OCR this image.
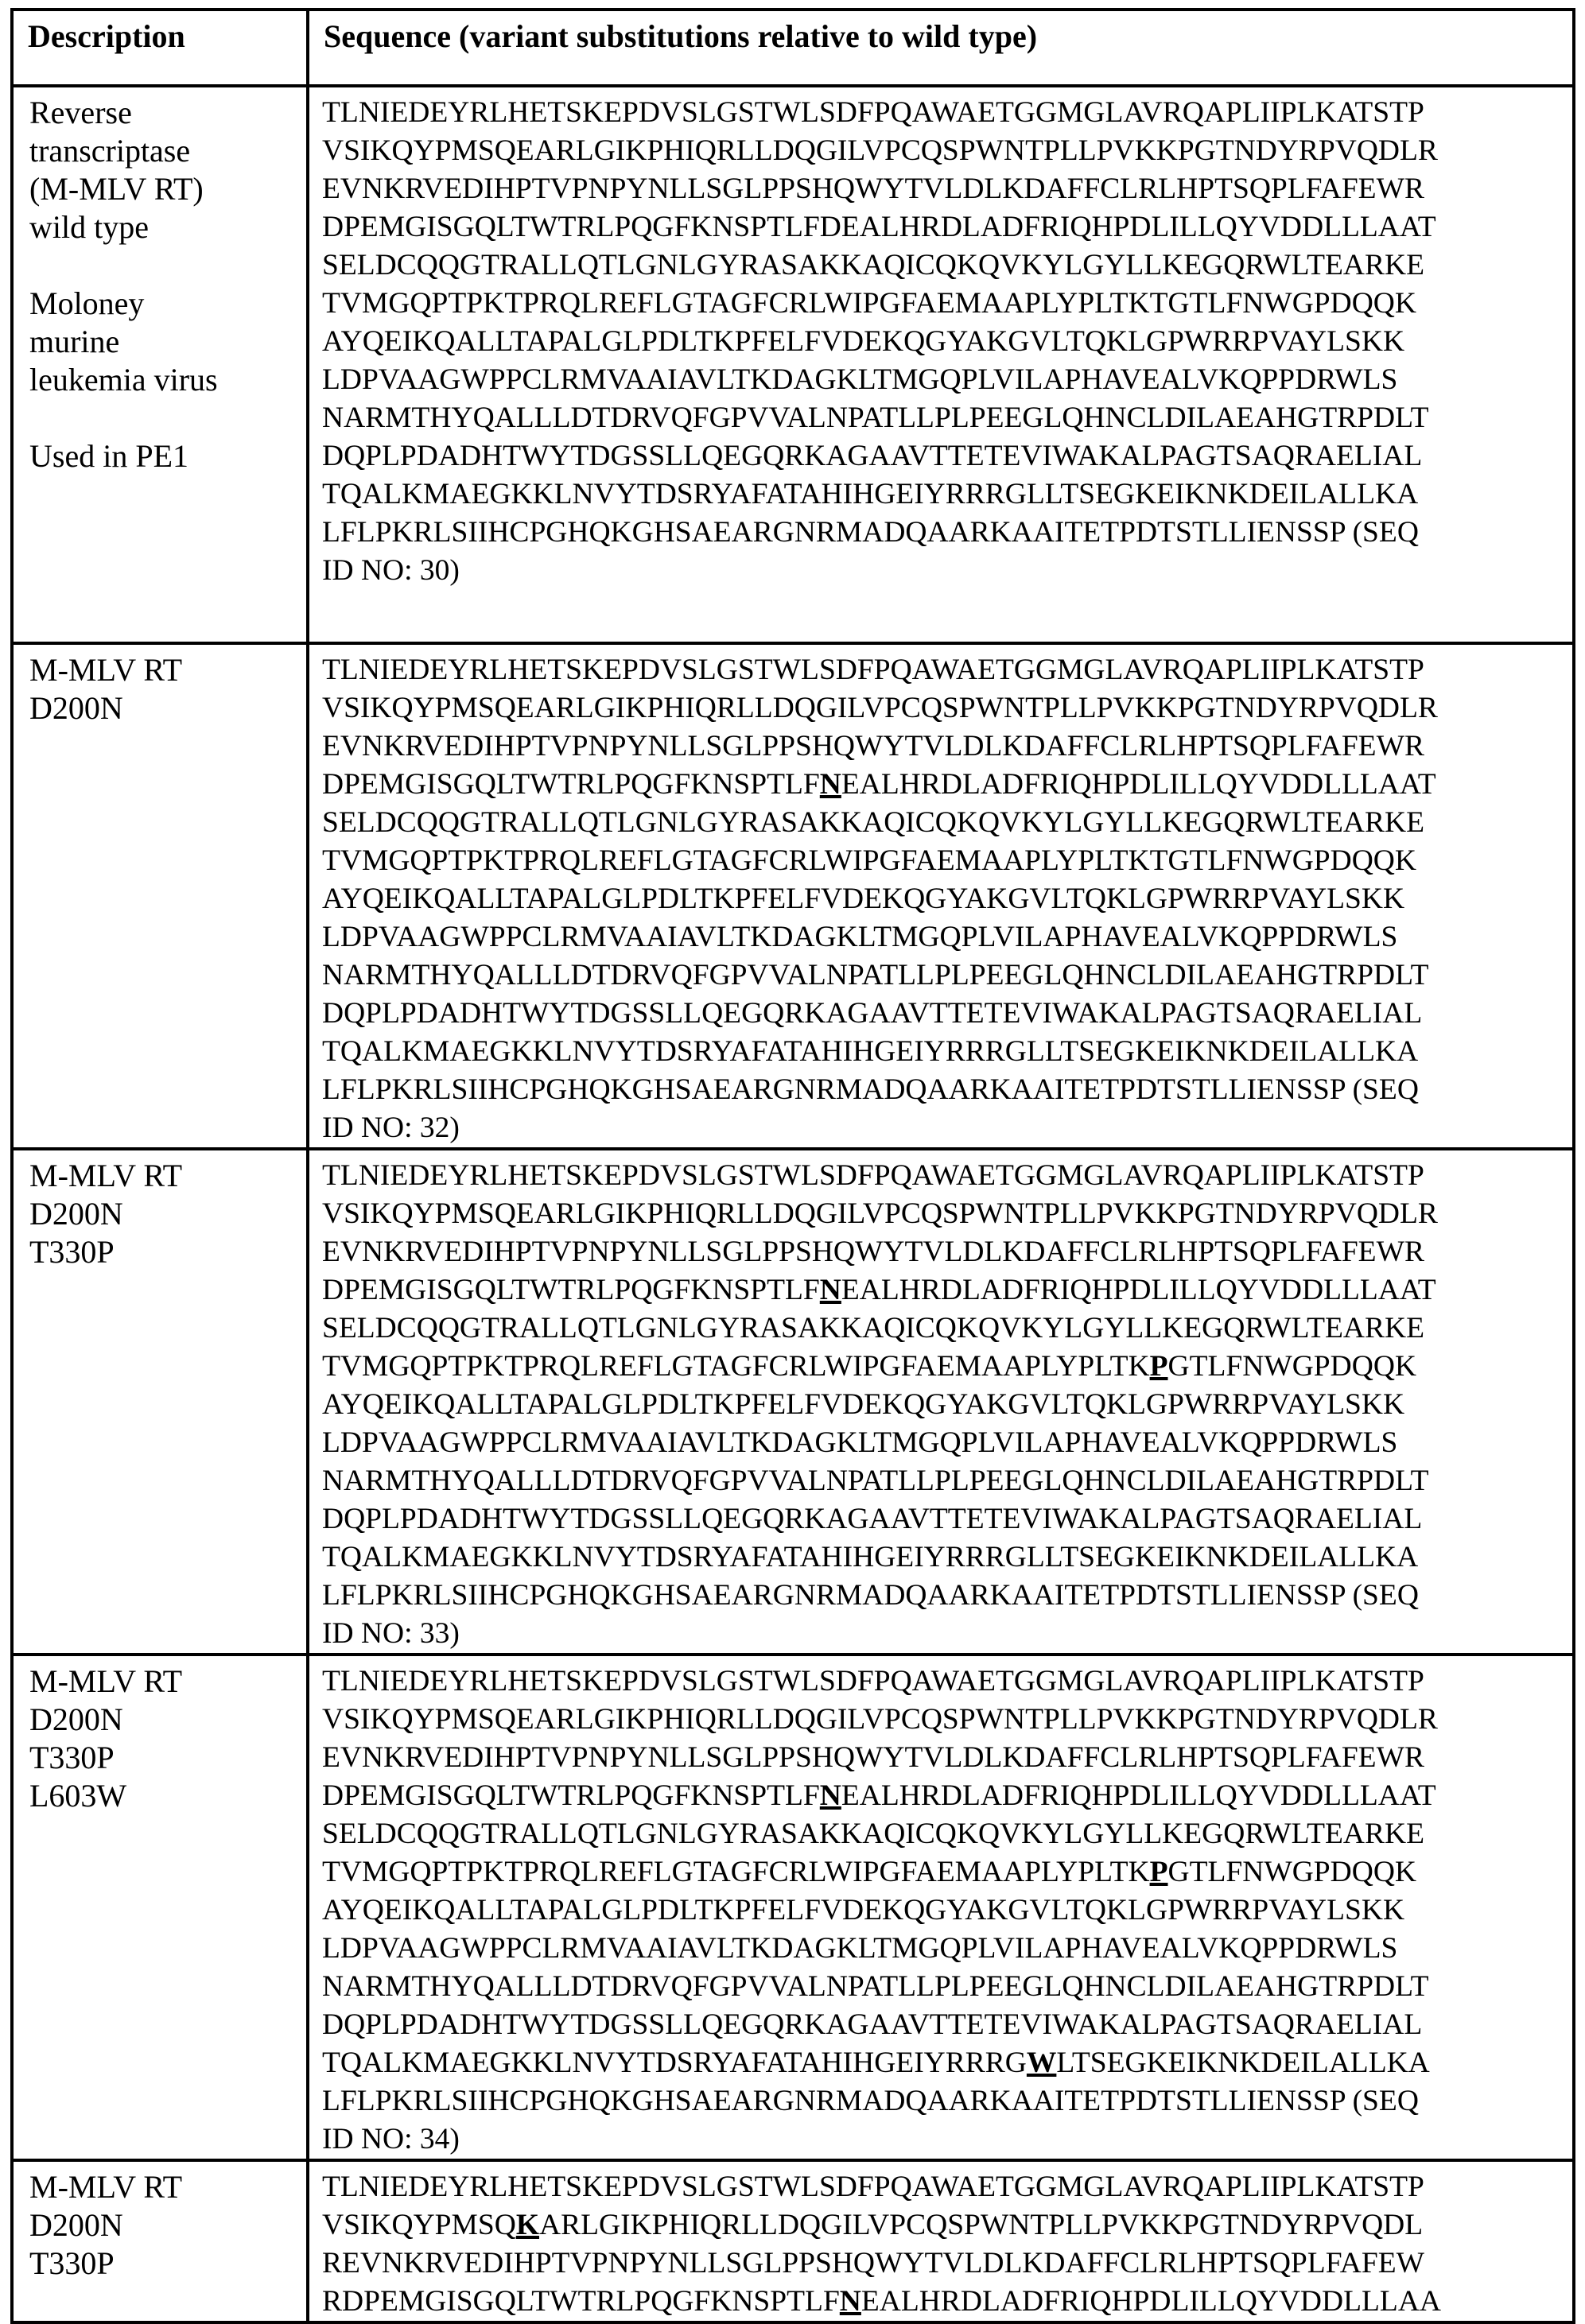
Description	Sequence (variant substitutions relative to wild type)

Reverse
transcriptase
(M-MLV RT)
wild type
Moloney
murine
leukemia virus
Used in PE1

TLNIEDEYRLHETSKEPDVSLGSTWLSDFPQAWAETGGMGLAVRQAPLIIPLKATSTP
VSIKQYPMSQEARLGIKPHIQRLLDQGILVPCQSPWNTPLLPVKKPGTNDYRPVQDLR
EVNKRVEDIHPTVPNPYNLLSGLPPSHQWYTVLDLKDAFFCLRLHPTSQPLFAFEWR
DPEMGISGQLTWTRLPQGFKNSPTLFDEALHRDLADFRIQHPDLILLQYVDDLLLAAT
SELDCQQGTRALLQTLGNLGYRASAKKAQICQKQVKYLGYLLKEGQRWLTEARKE
TVMGQPTPKTPRQLREFLGTAGFCRLWIPGFAEMAAPLYPLTKTGTLFNWGPDQQK
AYQEIKQALLTAPALGLPDLTKPFELFVDEKQGYAKGVLTQKLGPWRRPVAYLSKK
LDPVAAGWPPCLRMVAAIAVLTKDAGKLTMGQPLVILAPHAVEALVKQPPDRWLS
NARMTHYQALLLDTDRVQFGPVVALNPATLLPLPEEGLQHNCLDILAEAHGTRPDLT
DQPLPDADHTWYTDGSSLLQEGQRKAGAAVTTETEVIWAKALPAGTSAQRAELIAL
TQALKMAEGKKLNVYTDSRYAFATAHIHGEIYRRRGLLTSEGKEIKNKDEILALLKA
LFLPKRLSIIHCPGHQKGHSAEARGNRMADQAARKAAITETPDTSTLLIENSSP (SEQ
ID NO: 30)

M-MLV RT
D200N

TLNIEDEYRLHETSKEPDVSLGSTWLSDFPQAWAETGGMGLAVRQAPLIIPLKATSTP
VSIKQYPMSQEARLGIKPHIQRLLDQGILVPCQSPWNTPLLPVKKPGTNDYRPVQDLR
EVNKRVEDIHPTVPNPYNLLSGLPPSHQWYTVLDLKDAFFCLRLHPTSQPLFAFEWR
DPEMGISGQLTWTRLPQGFKNSPTLFNEALHRDLADFRIQHPDLILLQYVDDLLLAAT
SELDCQQGTRALLQTLGNLGYRASAKKAQICQKQVKYLGYLLKEGQRWLTEARKE
TVMGQPTPKTPRQLREFLGTAGFCRLWIPGFAEMAAPLYPLTKTGTLFNWGPDQQK
AYQEIKQALLTAPALGLPDLTKPFELFVDEKQGYAKGVLTQKLGPWRRPVAYLSKK
LDPVAAGWPPCLRMVAAIAVLTKDAGKLTMGQPLVILAPHAVEALVKQPPDRWLS
NARMTHYQALLLDTDRVQFGPVVALNPATLLPLPEEGLQHNCLDILAEAHGTRPDLT
DQPLPDADHTWYTDGSSLLQEGQRKAGAAVTTETEVIWAKALPAGTSAQRAELIAL
TQALKMAEGKKLNVYTDSRYAFATAHIHGEIYRRRGLLTSEGKEIKNKDEILALLKA
LFLPKRLSIIHCPGHQKGHSAEARGNRMADQAARKAAITETPDTSTLLIENSSP (SEQ
ID NO: 32)

M-MLV RT
D200N
T330P

TLNIEDEYRLHETSKEPDVSLGSTWLSDFPQAWAETGGMGLAVRQAPLIIPLKATSTP
VSIKQYPMSQEARLGIKPHIQRLLDQGILVPCQSPWNTPLLPVKKPGTNDYRPVQDLR
EVNKRVEDIHPTVPNPYNLLSGLPPSHQWYTVLDLKDAFFCLRLHPTSQPLFAFEWR
DPEMGISGQLTWTRLPQGFKNSPTLFNEALHRDLADFRIQHPDLILLQYVDDLLLAAT
SELDCQQGTRALLQTLGNLGYRASAKKAQICQKQVKYLGYLLKEGQRWLTEARKE
TVMGQPTPKTPRQLREFLGTAGFCRLWIPGFAEMAAPLYPLTKPGTLFNWGPDQQK
AYQEIKQALLTAPALGLPDLTKPFELFVDEKQGYAKGVLTQKLGPWRRPVAYLSKK
LDPVAAGWPPCLRMVAAIAVLTKDAGKLTMGQPLVILAPHAVEALVKQPPDRWLS
NARMTHYQALLLDTDRVQFGPVVALNPATLLPLPEEGLQHNCLDILAEAHGTRPDLT
DQPLPDADHTWYTDGSSLLQEGQRKAGAAVTTETEVIWAKALPAGTSAQRAELIAL
TQALKMAEGKKLNVYTDSRYAFATAHIHGEIYRRRGLLTSEGKEIKNKDEILALLKA
LFLPKRLSIIHCPGHQKGHSAEARGNRMADQAARKAAITETPDTSTLLIENSSP (SEQ
ID NO: 33)

M-MLV RT
D200N
T330P
L603W

TLNIEDEYRLHETSKEPDVSLGSTWLSDFPQAWAETGGMGLAVRQAPLIIPLKATSTP
VSIKQYPMSQEARLGIKPHIQRLLDQGILVPCQSPWNTPLLPVKKPGTNDYRPVQDLR
EVNKRVEDIHPTVPNPYNLLSGLPPSHQWYTVLDLKDAFFCLRLHPTSQPLFAFEWR
DPEMGISGQLTWTRLPQGFKNSPTLFNEALHRDLADFRIQHPDLILLQYVDDLLLAAT
SELDCQQGTRALLQTLGNLGYRASAKKAQICQKQVKYLGYLLKEGQRWLTEARKE
TVMGQPTPKTPRQLREFLGTAGFCRLWIPGFAEMAAPLYPLTKPGTLFNWGPDQQK
AYQEIKQALLTAPALGLPDLTKPFELFVDEKQGYAKGVLTQKLGPWRRPVAYLSKK
LDPVAAGWPPCLRMVAAIAVLTKDAGKLTMGQPLVILAPHAVEALVKQPPDRWLS
NARMTHYQALLLDTDRVQFGPVVALNPATLLPLPEEGLQHNCLDILAEAHGTRPDLT
DQPLPDADHTWYTDGSSLLQEGQRKAGAAVTTETEVIWAKALPAGTSAQRAELIAL
TQALKMAEGKKLNVYTDSRYAFATAHIHGEIYRRRGWLTSEGKEIKNKDEILALLKA
LFLPKRLSIIHCPGHQKGHSAEARGNRMADQAARKAAITETPDTSTLLIENSSP (SEQ
ID NO: 34)

M-MLV RT
D200N
T330P

TLNIEDEYRLHETSKEPDVSLGSTWLSDFPQAWAETGGMGLAVRQAPLIIPLKATSTP
VSIKQYPMSQKARLGIKPHIQRLLDQGILVPCQSPWNTPLLPVKKPGTNDYRPVQDL
REVNKRVEDIHPTVPNPYNLLSGLPPSHQWYTVLDLKDAFFCLRLHPTSQPLFAFEW
RDPEMGISGQLTWTRLPQGFKNSPTLFNEALHRDLADFRIQHPDLILLQYVDDLLLAA
